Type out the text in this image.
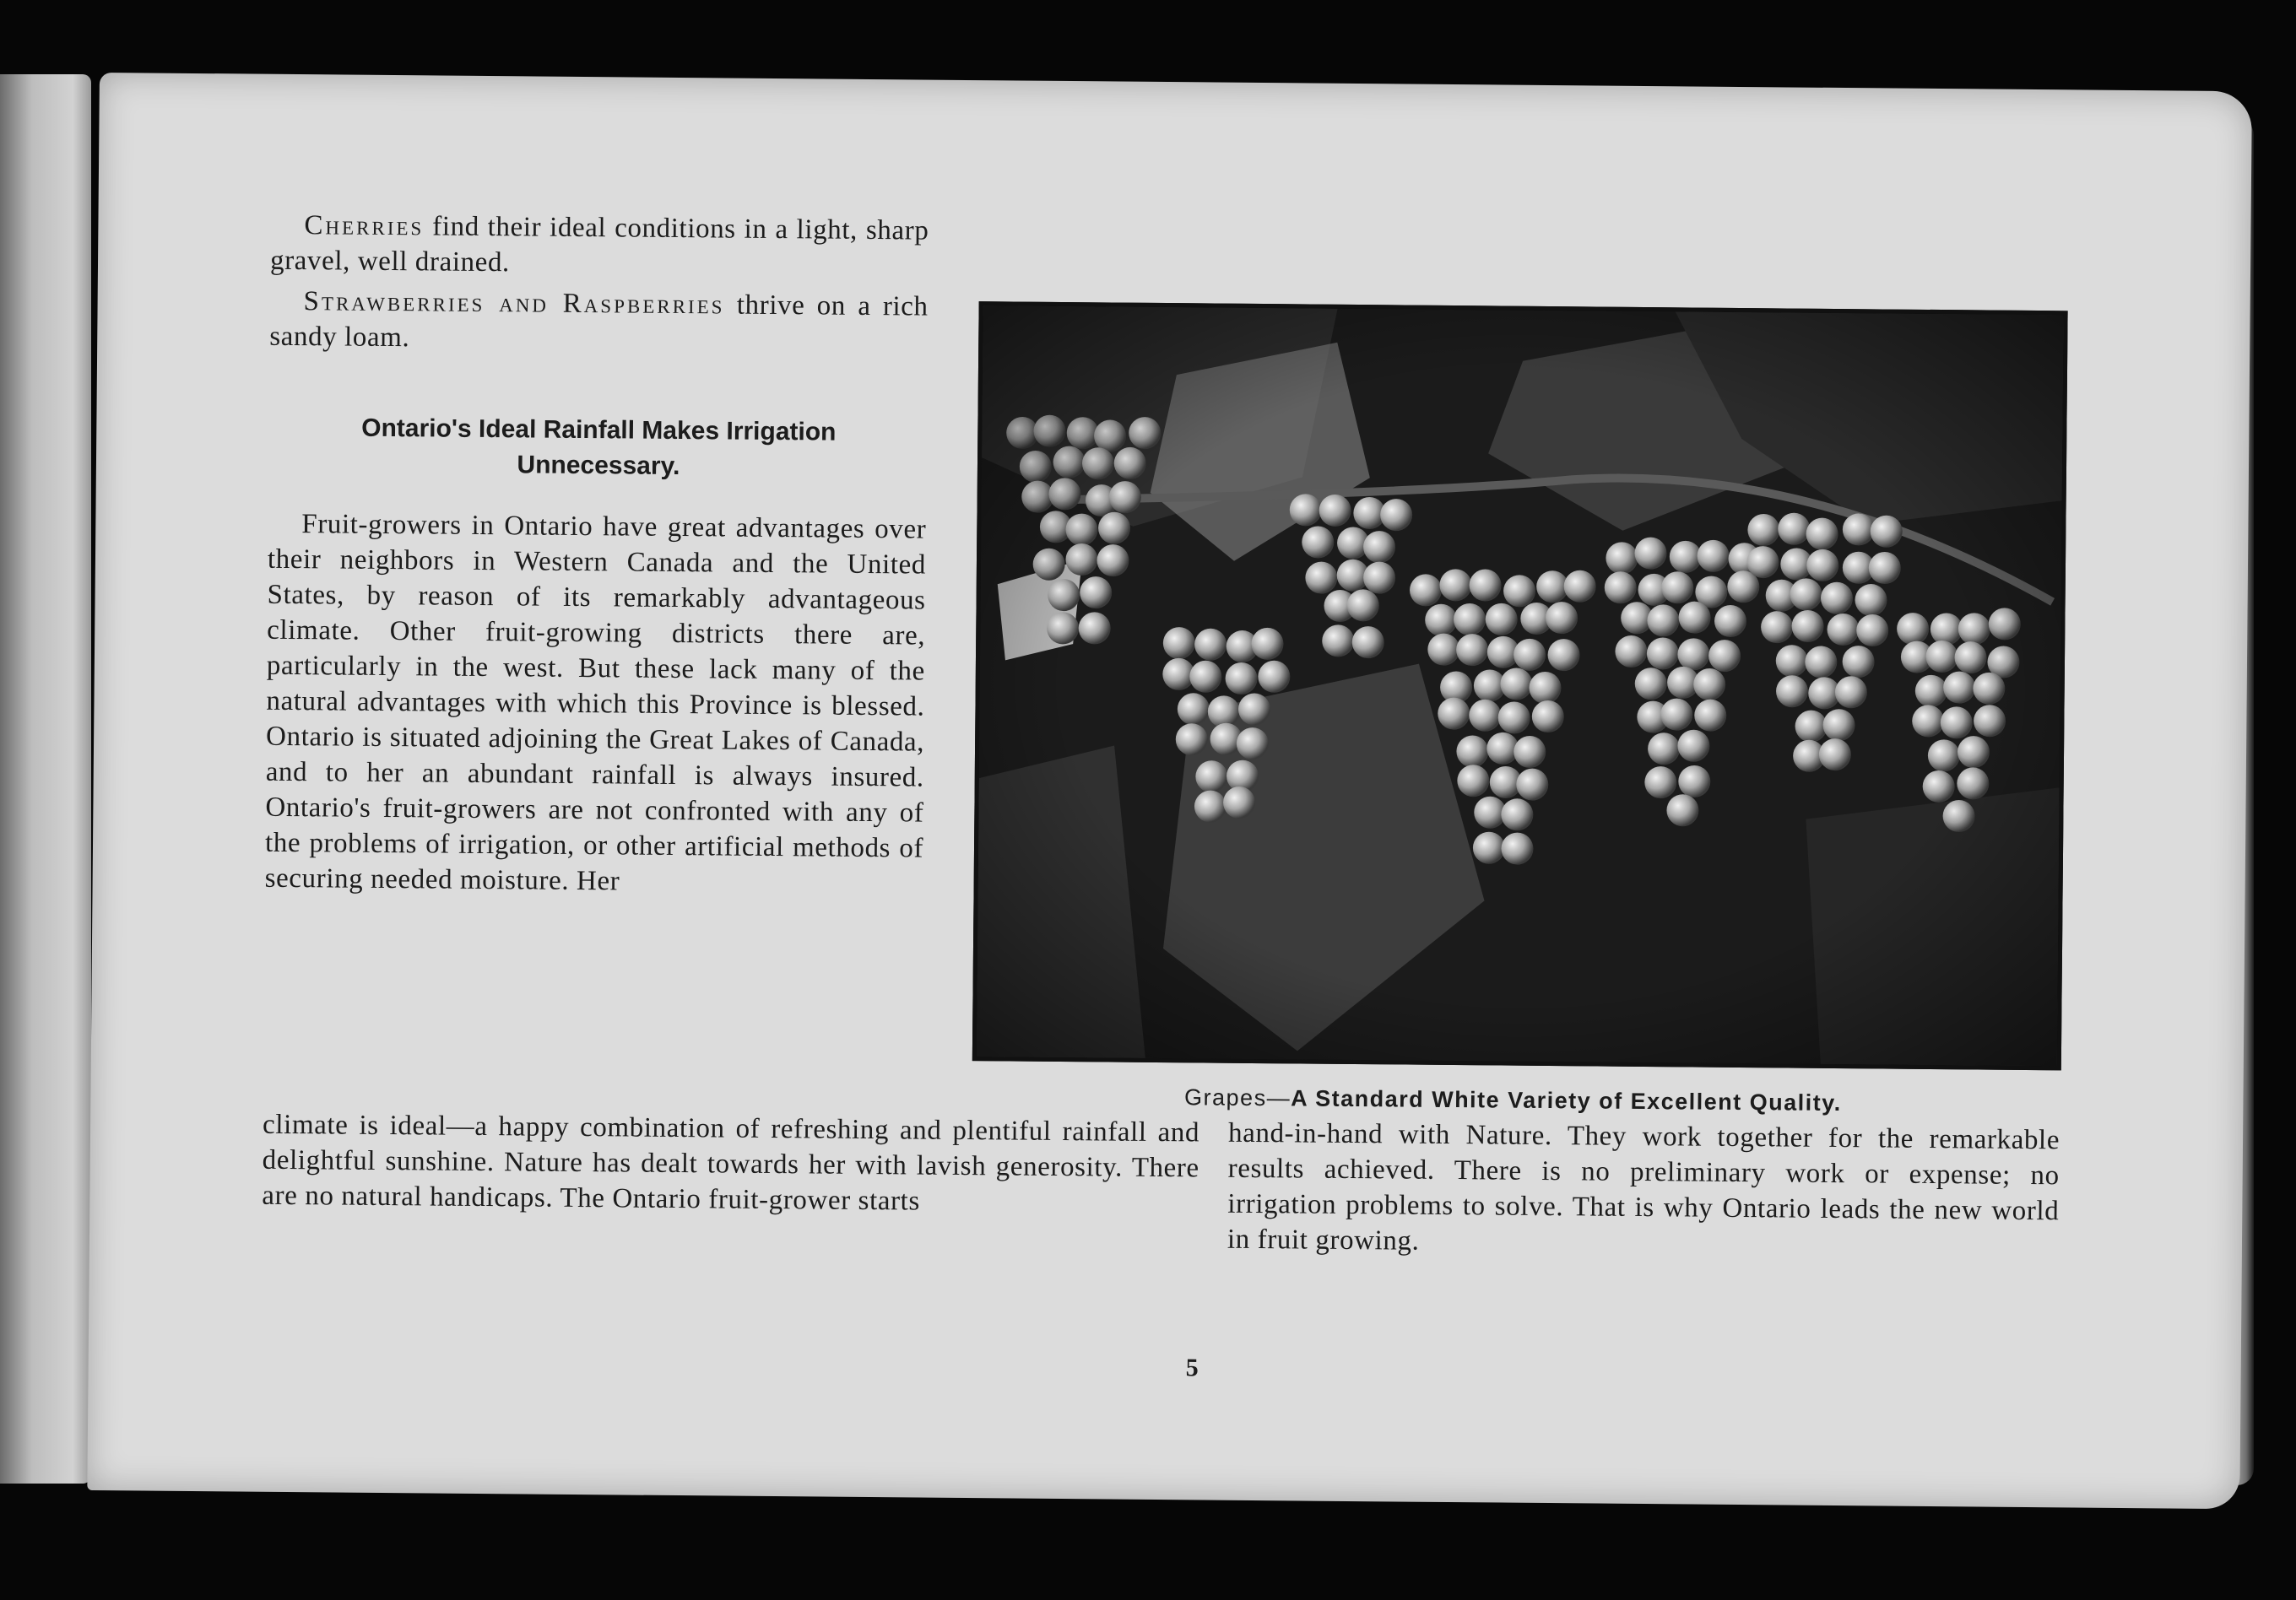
Cherries find their ideal conditions in a light, sharp gravel, well drained.

Strawberries and Raspberries thrive on a rich sandy loam.

Ontario's Ideal Rainfall Makes Irrigation Unnecessary.

Fruit-growers in Ontario have great advantages over their neighbors in Western Canada and the United States, by reason of its remarkably advantageous climate. Other fruit-growing districts there are, particularly in the west. But these lack many of the natural advantages with which this Province is blessed. Ontario is situated adjoining the Great Lakes of Canada, and to her an abundant rainfall is always insured. Ontario's fruit-growers are not confronted with any of the problems of irrigation, or other artificial methods of securing needed moisture. Her

climate is ideal—a happy combination of refreshing and plentiful rainfall and delightful sunshine. Nature has dealt towards her with lavish generosity. There are no natural handicaps. The Ontario fruit-grower starts

hand-in-hand with Nature. They work together for the remarkable results achieved. There is no preliminary work or expense; no irrigation problems to solve. That is why Ontario leads the new world in fruit growing.

Grapes—A Standard White Variety of Excellent Quality.
5
